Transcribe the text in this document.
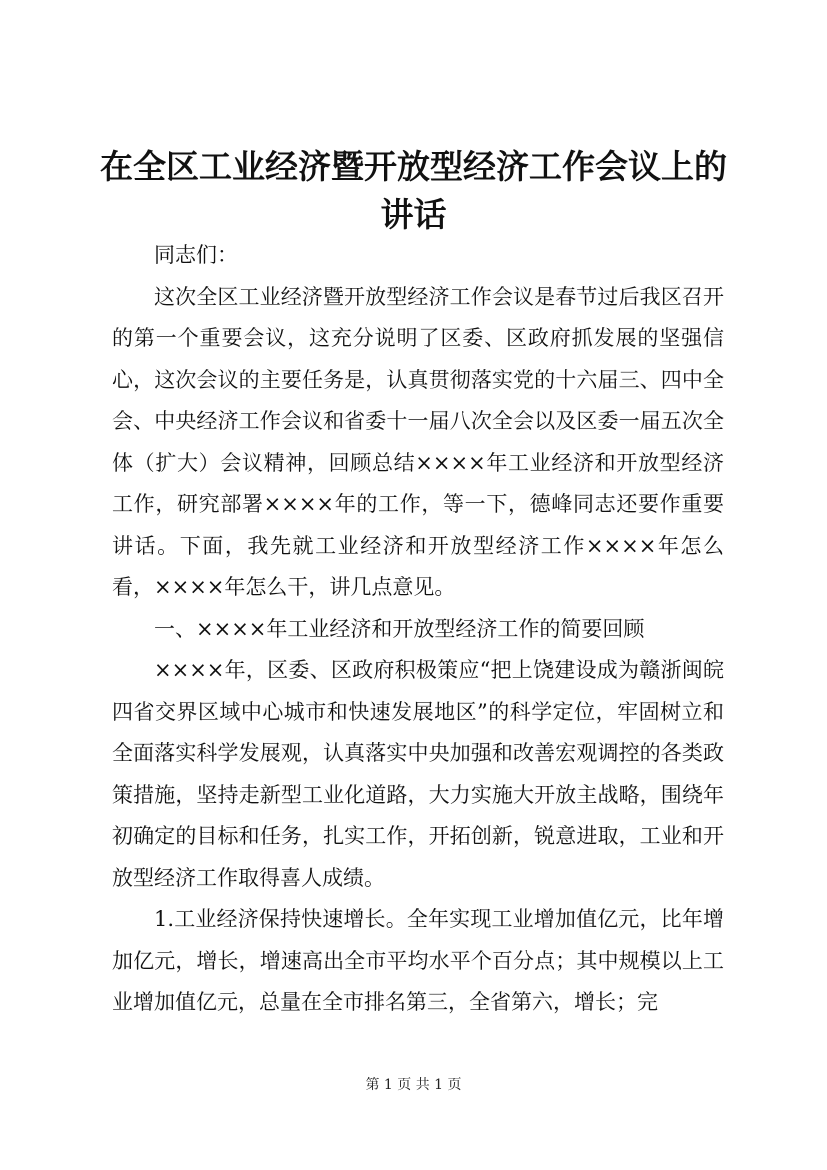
在全区工业经济暨开放型经济工作会议上的讲话

同志们：

这次全区工业经济暨开放型经济工作会议是春节过后我区召开的第一个重要会议，这充分说明了区委、区政府抓发展的坚强信心，这次会议的主要任务是，认真贯彻落实党的十六届三、四中全会、中央经济工作会议和省委十一届八次全会以及区委一届五次全体（扩大）会议精神，回顾总结××××年工业经济和开放型经济工作，研究部署××××年的工作，等一下，德峰同志还要作重要讲话。下面，我先就工业经济和开放型经济工作××××年怎么看，××××年怎么干，讲几点意见。

一、××××年工业经济和开放型经济工作的简要回顾

××××年，区委、区政府积极策应“把上饶建设成为赣浙闽皖四省交界区域中心城市和快速发展地区”的科学定位，牢固树立和全面落实科学发展观，认真落实中央加强和改善宏观调控的各类政策措施，坚持走新型工业化道路，大力实施大开放主战略，围绕年初确定的目标和任务，扎实工作，开拓创新，锐意进取，工业和开放型经济工作取得喜人成绩。

1.工业经济保持快速增长。全年实现工业增加值亿元，比年增加亿元，增长，增速高出全市平均水平个百分点；其中规模以上工业增加值亿元，总量在全市排名第三，全省第六，增长；完

第 1 页 共 1 页
